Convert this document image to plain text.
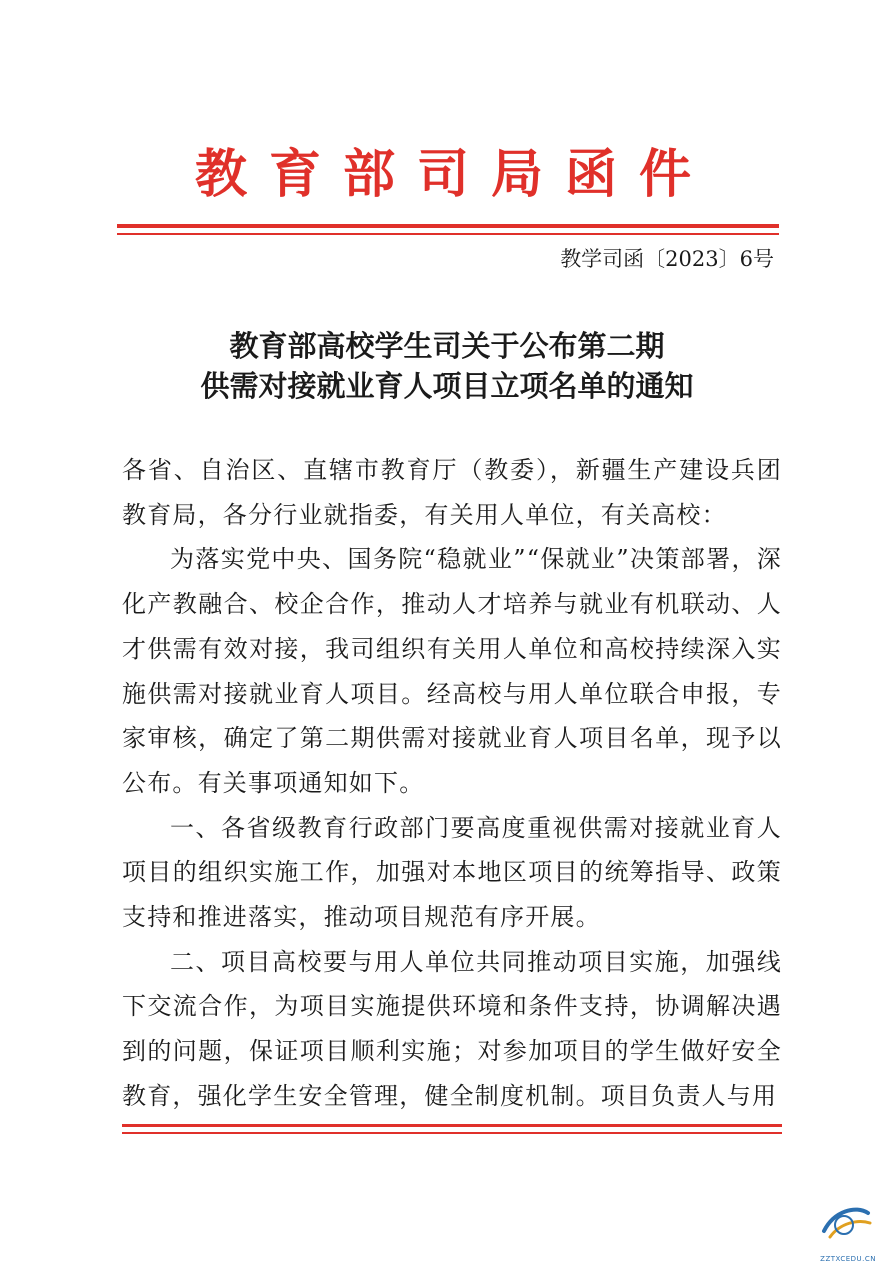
教育部司局函件
教学司函〔2023〕6号
教育部高校学生司关于公布第二期
供需对接就业育人项目立项名单的通知

各省、自治区、直辖市教育厅（教委），新疆生产建设兵团教育局，各分行业就指委，有关用人单位，有关高校：

为落实党中央、国务院“稳就业”“保就业”决策部署，深化产教融合、校企合作，推动人才培养与就业有机联动、人才供需有效对接，我司组织有关用人单位和高校持续深入实施供需对接就业育人项目。经高校与用人单位联合申报，专家审核，确定了第二期供需对接就业育人项目名单，现予以公布。有关事项通知如下。

一、各省级教育行政部门要高度重视供需对接就业育人项目的组织实施工作，加强对本地区项目的统筹指导、政策支持和推进落实，推动项目规范有序开展。

二、项目高校要与用人单位共同推动项目实施，加强线下交流合作，为项目实施提供环境和条件支持，协调解决遇到的问题，保证项目顺利实施；对参加项目的学生做好安全教育，强化学生安全管理，健全制度机制。项目负责人与用

ZZTXCEDU.CN
